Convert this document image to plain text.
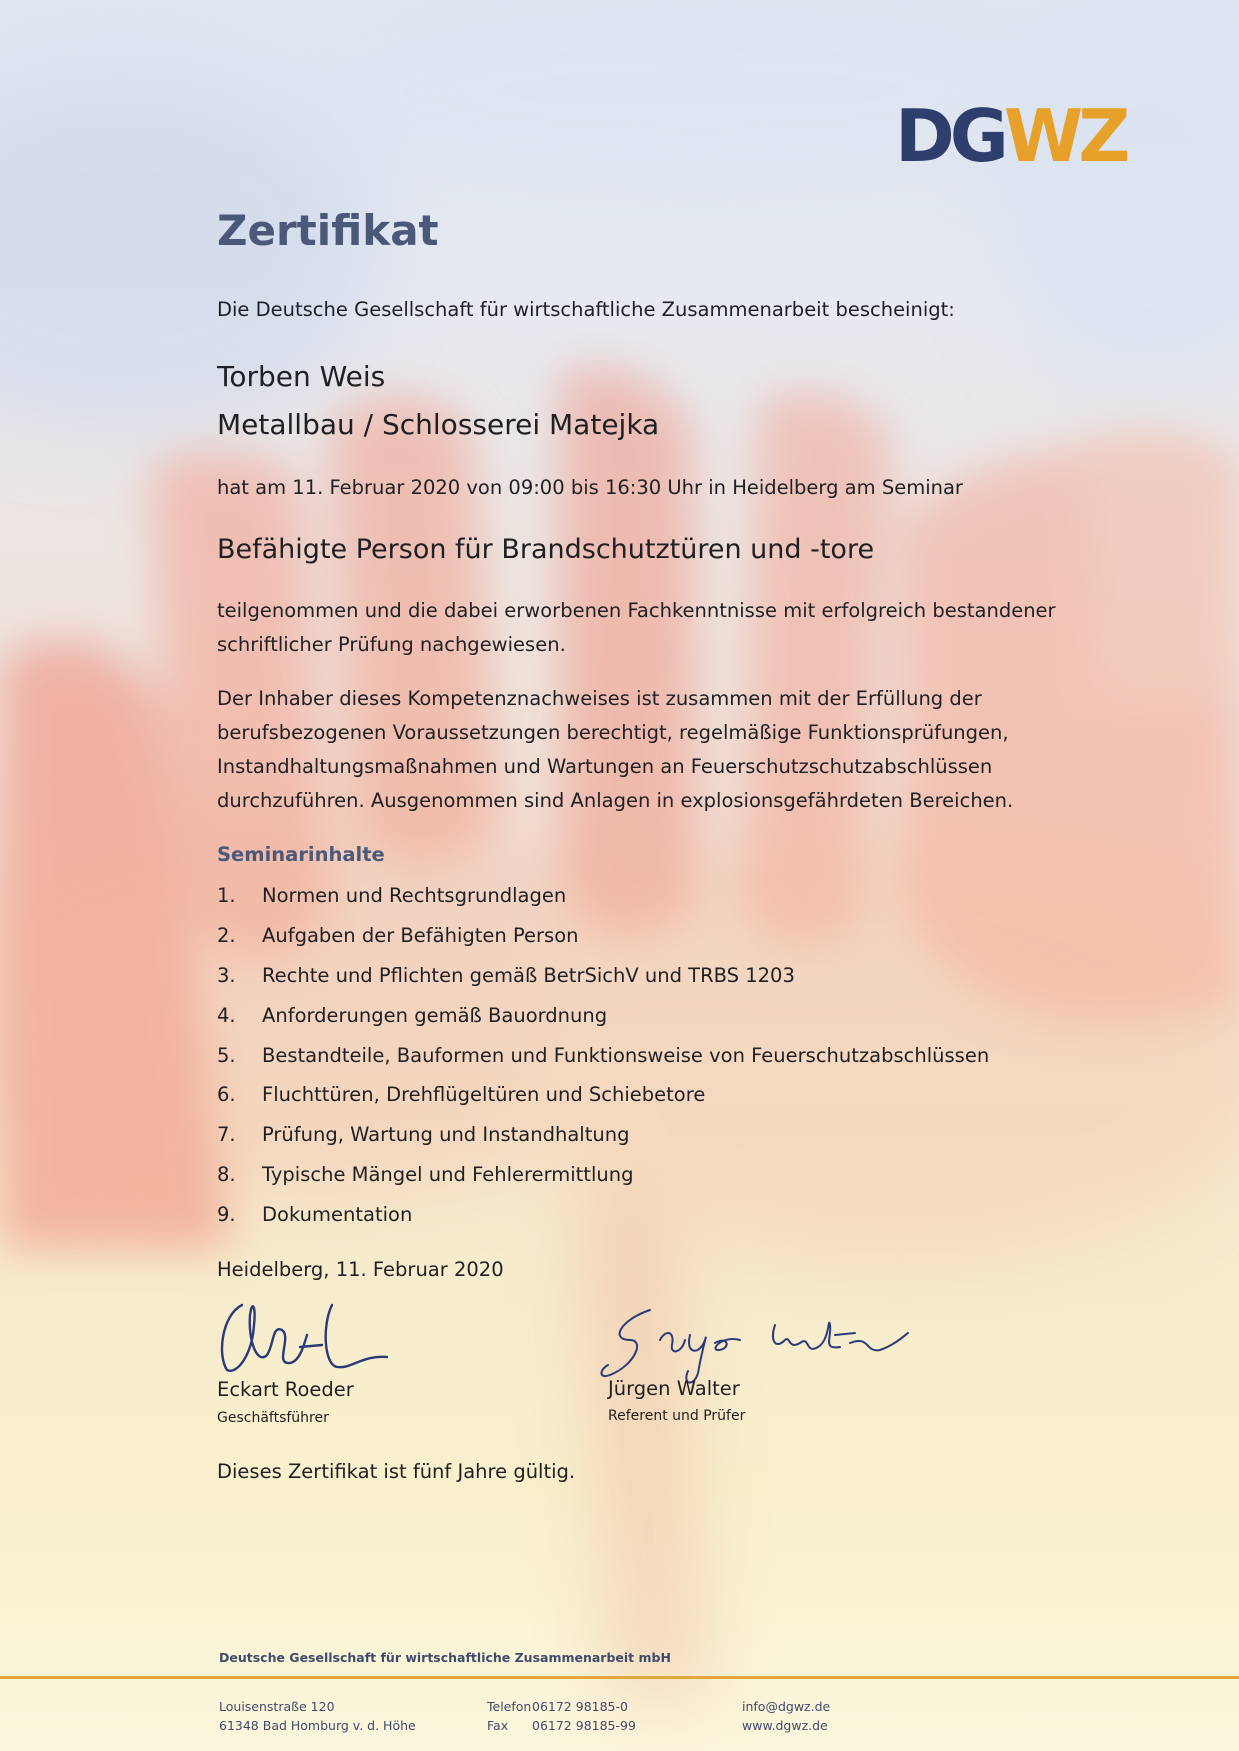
DGWZ
Zertifikat
Die Deutsche Gesellschaft für wirtschaftliche Zusammenarbeit bescheinigt:
Torben Weis
Metallbau / Schlosserei Matejka
hat am 11. Februar 2020 von 09:00 bis 16:30 Uhr in Heidelberg am Seminar
Befähigte Person für Brandschutztüren und -tore
teilgenommen und die dabei erworbenen Fachkenntnisse mit erfolgreich bestandener
schriftlicher Prüfung nachgewiesen.
Der Inhaber dieses Kompetenznachweises ist zusammen mit der Erfüllung der
berufsbezogenen Voraussetzungen berechtigt, regelmäßige Funktionsprüfungen,
Instandhaltungsmaßnahmen und Wartungen an Feuerschutzschutzabschlüssen
durchzuführen. Ausgenommen sind Anlagen in explosionsgefährdeten Bereichen.
Seminarinhalte
1. Normen und Rechtsgrundlagen
2. Aufgaben der Befähigten Person
3. Rechte und Pflichten gemäß BetrSichV und TRBS 1203
4. Anforderungen gemäß Bauordnung
5. Bestandteile, Bauformen und Funktionsweise von Feuerschutzabschlüssen
6. Fluchttüren, Drehflügeltüren und Schiebetore
7. Prüfung, Wartung und Instandhaltung
8. Typische Mängel und Fehlerermittlung
9. Dokumentation
Heidelberg, 11. Februar 2020
Eckart Roeder
Geschäftsführer
Jürgen Walter
Referent und Prüfer
Dieses Zertifikat ist fünf Jahre gültig.
Deutsche Gesellschaft für wirtschaftliche Zusammenarbeit mbH
Louisenstraße 120
61348 Bad Homburg v. d. Höhe
Telefon06172 98185-0
Fax 06172 98185-99
info@dgwz.de
www.dgwz.de
